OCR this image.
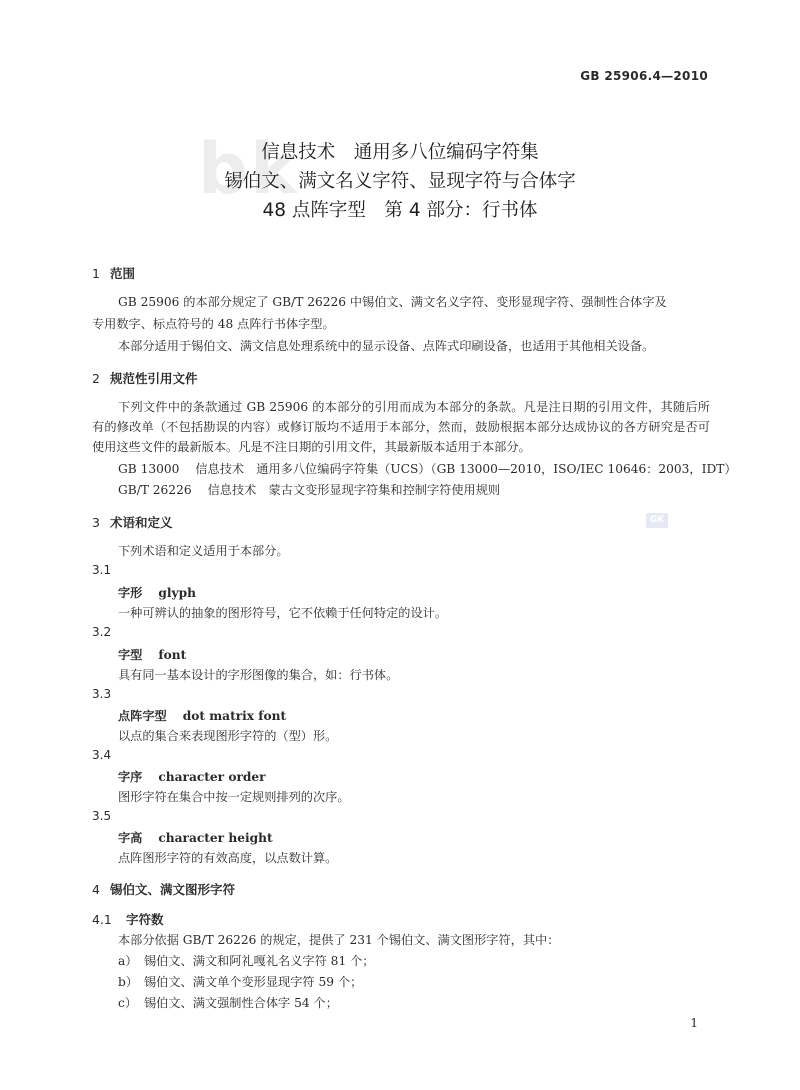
bk
GK
GB 25906.4—2010
信息技术　通用多八位编码字符集
锡伯文、满文名义字符、显现字符与合体字
48 点阵字型　第 4 部分：行书体
1 范围
GB 25906 的本部分规定了 GB/T 26226 中锡伯文、满文名义字符、变形显现字符、强制性合体字及
专用数字、标点符号的 48 点阵行书体字型。
本部分适用于锡伯文、满文信息处理系统中的显示设备、点阵式印刷设备，也适用于其他相关设备。
2 规范性引用文件
下列文件中的条款通过 GB 25906 的本部分的引用而成为本部分的条款。凡是注日期的引用文件，其随后所有的修改单（不包括勘误的内容）或修订版均不适用于本部分，然而，鼓励根据本部分达成协议的各方研究是否可使用这些文件的最新版本。凡是不注日期的引用文件，其最新版本适用于本部分。
GB 13000 信息技术　通用多八位编码字符集（UCS）（GB 13000—2010，ISO/IEC 10646：2003，IDT）
GB/T 26226 信息技术　蒙古文变形显现字符集和控制字符使用规则
3 术语和定义
下列术语和定义适用于本部分。
3.1
字形 glyph
一种可辨认的抽象的图形符号，它不依赖于任何特定的设计。
3.2
字型 font
具有同一基本设计的字形图像的集合，如：行书体。
3.3
点阵字型 dot matrix font
以点的集合来表现图形字符的（型）形。
3.4
字序 character order
图形字符在集合中按一定规则排列的次序。
3.5
字高 character height
点阵图形字符的有效高度，以点数计算。
4 锡伯文、满文图形字符
4.1 字符数
本部分依据 GB/T 26226 的规定，提供了 231 个锡伯文、满文图形字符，其中：
a） 锡伯文、满文和阿礼嘎礼名义字符 81 个；
b） 锡伯文、满文单个变形显现字符 59 个；
c） 锡伯文、满文强制性合体字 54 个；
1
